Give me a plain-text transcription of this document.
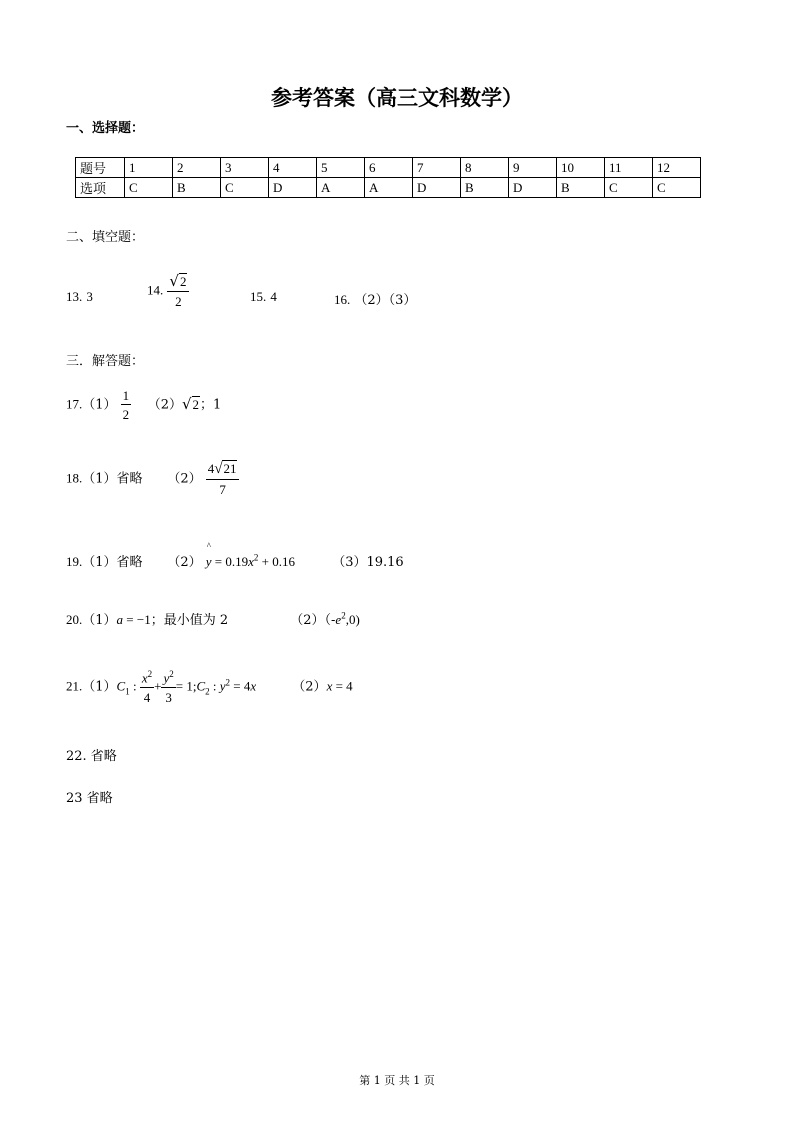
参考答案（高三文科数学）
一、选择题：
题号	1	2	3	4	5	6	7	8	9	10	11	12
选项	C	B	C	D	A	A	D	B	D	B	C	C
二、填空题：
13. 3	14. $\frac{√2}{2}$	15. 4	16. （2）（3）
三．解答题：
$17.(1) \frac{1}{2} (2)√2$；1
18.（1）省略 $(2) \frac{4√21}{7}$
19.（1）省略 （2）
^
$y = 0.19x^2 + 0.16$	（3）19.16
20.（1）a = −1；最小值为 2	$(2)(-e^2,0)$
$21.(1)C_1$ : $\frac{x^2}{4} + \frac{y^2}{3}$ = $1;C_2$ : $y^2 = 4x$	（2）x = 4
22. 省略
23 省略
第 1 页 共 1 页
